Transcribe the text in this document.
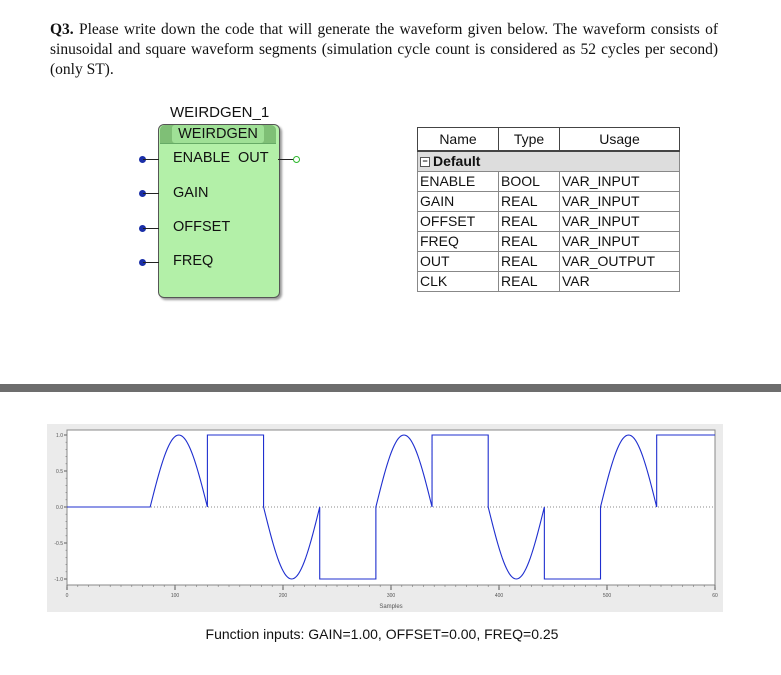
Q3. Please write down the code that will generate the waveform given below. The waveform consists of sinusoidal and square waveform segments (simulation cycle count is considered as 52 cycles per second) (only ST).
WEIRDGEN_1
WEIRDGEN
ENABLE
GAIN
OFFSET
FREQ
OUT
Name	Type	Usage
− Default		
ENABLE	BOOL	VAR_INPUT
GAIN	REAL	VAR_INPUT
OFFSET	REAL	VAR_INPUT
FREQ	REAL	VAR_INPUT
OUT	REAL	VAR_OUTPUT
CLK	REAL	VAR
1.0
0.5
0.0
-0.5
-1.0
0	100	200	300	400	500	60
Samples
Function inputs: GAIN=1.00, OFFSET=0.00, FREQ=0.25
